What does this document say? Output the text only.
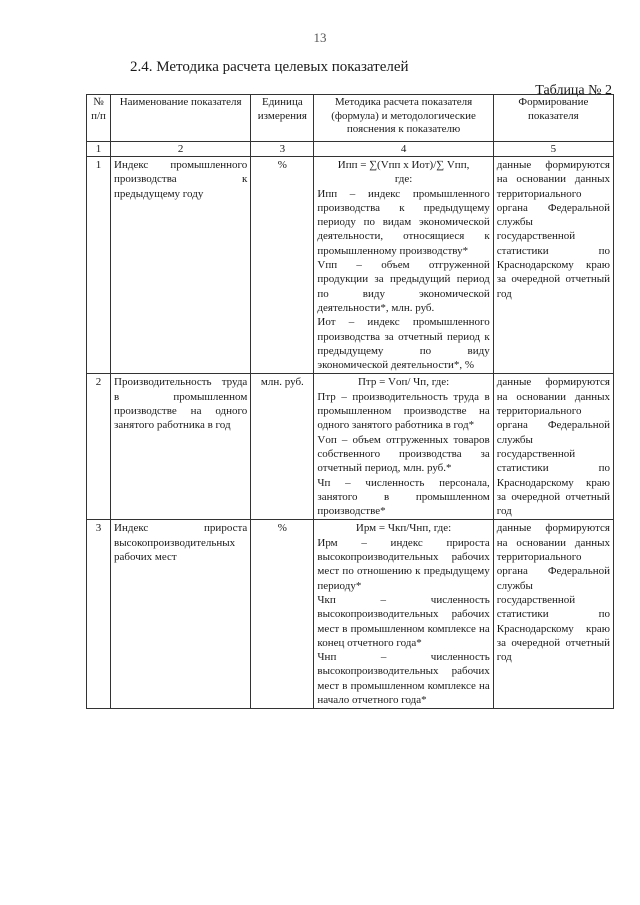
13
2.4. Методика расчета целевых показателей
Таблица № 2
№ п/п	Наименование показателя	Единица измерения	Методика расчета показателя (формула) и методологические пояснения к показателю	Формирование показателя
1	2	3	4	5
1	Индекс промышленного производства к предыдущему году	%	Ипп = ∑(Vпп х Иот)/∑ Vпп,
где:
Ипп – индекс промышленного производства к предыдущему периоду по видам экономической деятельности, относящиеся к промышленному производству*
Vпп – объем отгруженной продукции за предыдущий период по виду экономической деятельности*, млн. руб.
Иот – индекс промышленного производства за отчетный период к предыдущему по виду экономической деятельности*, %	данные формируются на основании данных территориального органа Федеральной службы государственной статистики по Краснодарскому краю за очередной отчетный год
2	Производительность труда в промышленном производстве на одного занятого работника в год	млн. руб.	Птр = Vоп/ Чп, где:
Птр – производительность труда в промышленном производстве на одного занятого работника в год*
Vоп – объем отгруженных товаров собственного производства за отчетный период, млн. руб.*
Чп – численность персонала, занятого в промышленном производстве*	данные формируются на основании данных территориального органа Федеральной службы государственной статистики по Краснодарскому краю за очередной отчетный год
3	Индекс прироста высокопроизводительных рабочих мест	%	Ирм = Чкп/Чнп, где:
Ирм – индекс прироста высокопроизводительных рабочих мест по отношению к предыдущему периоду*
Чкп – численность высокопроизводительных рабочих мест в промышленном комплексе на конец отчетного года*
Чнп – численность высокопроизводительных рабочих мест в промышленном комплексе на начало отчетного года*	данные формируются на основании данных территориального органа Федеральной службы государственной статистики по Краснодарскому краю за очередной отчетный год
